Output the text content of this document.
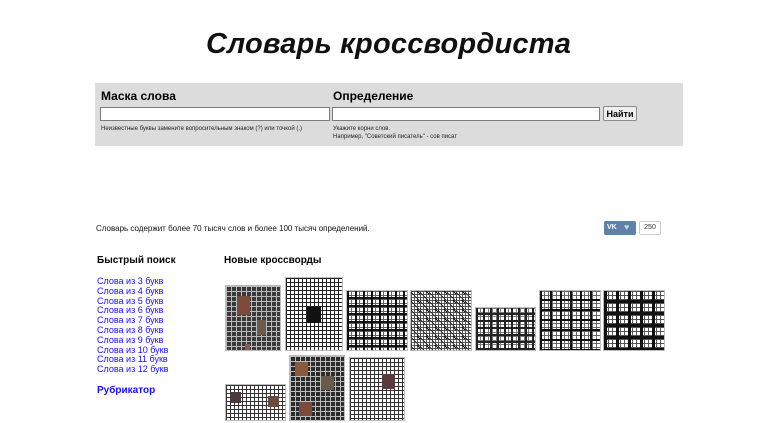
Словарь кроссвордиста
Маска слова	Определение
Найти
Неизвестные буквы замените вопросительным знаком (?) или точкой (.)	Укажите корни слов.
Например, "Советский писатель" - сов писат
Словарь содержит более 70 тысяч слов и более 100 тысяч определений.	VK ♥	250
Быстрый поиск
Слова из 3 букв
Слова из 4 букв
Слова из 5 букв
Слова из 6 букв
Слова из 7 букв
Слова из 8 букв
Слова из 9 букв
Слова из 10 букв
Слова из 11 букв
Слова из 12 букв
Рубрикатор
Новые кроссворды
